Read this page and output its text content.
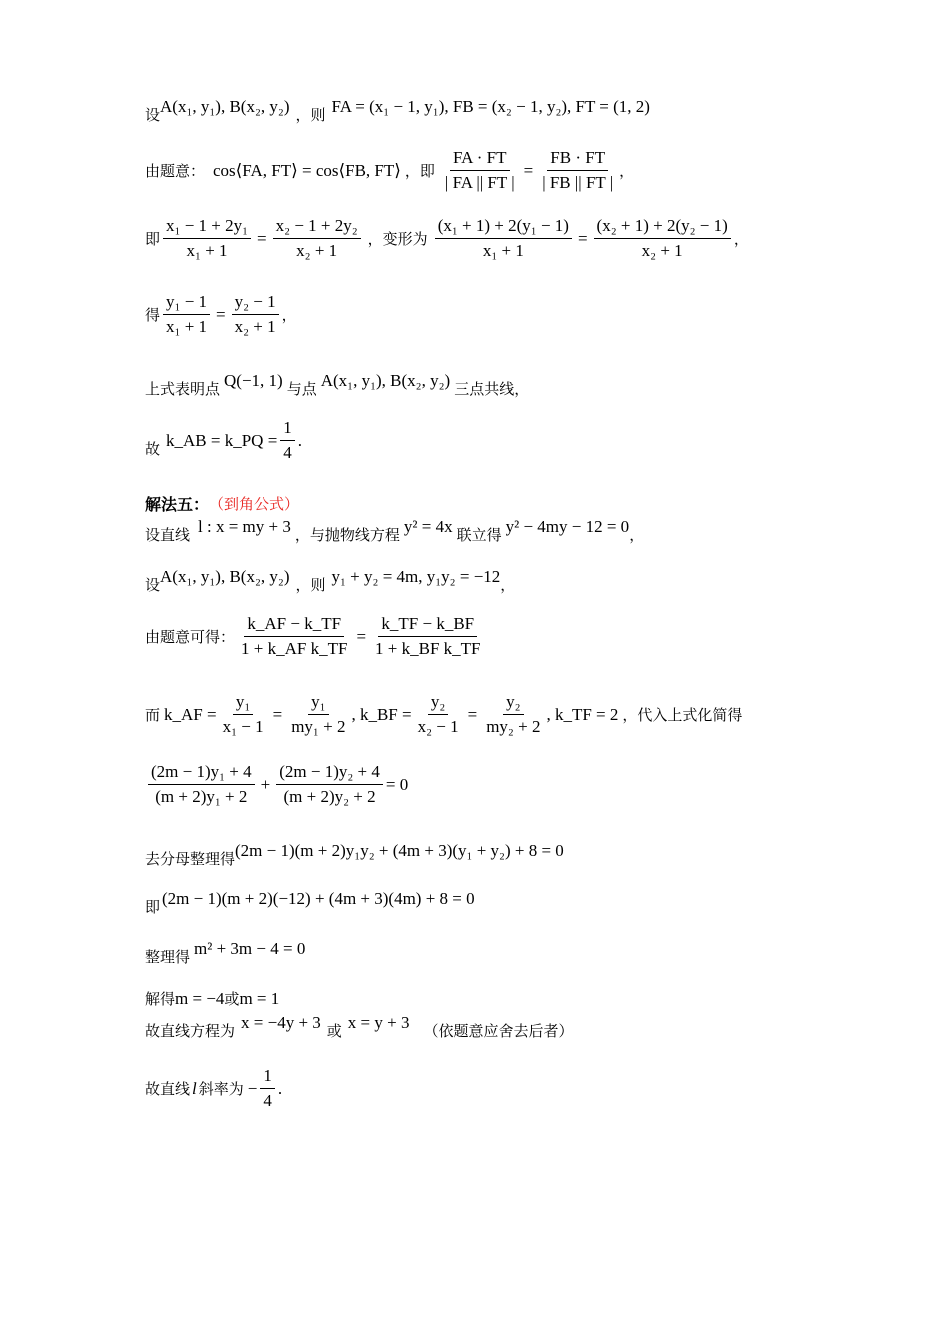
设 A(x₁, y₁), B(x₂, y₂) ，则 FA = (x₁ − 1, y₁), FB = (x₂ − 1, y₂), FT = (1, 2)
由题意： cos⟨FA, FT⟩ = cos⟨FB, FT⟩ ，即 $\frac{FA \cdot FT}{| FA || FT |} = \frac{FB \cdot FT}{| FB || FT |}$ ，
即 $\frac{\text{x₁ − 1 + 2y₁}}{\text{x₁ + 1}} = \frac{\text{x₂ − 1 + 2y₂}}{\text{x₂ + 1}}$ ，变形为 $\frac{\text{(x₁ + 1) + 2(y₁ − 1)}}{\text{x₁ + 1}} = \frac{\text{(x₂ + 1) + 2(y₂ − 1)}}{\text{x₂ + 1}}$ ，
得 $\frac{\text{y₁ − 1}}{\text{x₁ + 1}} = \frac{\text{y₂ − 1}}{\text{x₂ + 1}}$ ，
上式表明点 Q(−1, 1) 与点 A(x₁, y₁), B(x₂, y₂) 三点共线，
故 k_AB = k_PQ = $\frac{1}{4}$ .
解法五： （到角公式）
设直线 l : x = my + 3 ，与抛物线方程 y² = 4x 联立得 y² − 4my − 12 = 0 ，
设 A(x₁, y₁), B(x₂, y₂) ，则 y₁ + y₂ = 4m, y₁y₂ = −12 ，
由题意可得： $\frac{k\_AF - k\_TF}{\text{1 + k\_AF k\_TF}} = \frac{k\_TF - k\_BF}{\text{1 + k\_BF k\_TF}}$
而 k_AF = $\frac{\text{y₁}}{\text{x₁ − 1}} = \frac{\text{y₁}}{\text{my₁ + 2}}$ , k_BF = $\frac{\text{y₂}}{\text{x₂ − 1}} = \frac{\text{y₂}}{\text{my₂ + 2}}$ , k_TF = 2 ，代入上式化简得
$\frac{\text{(2m − 1)y₁ + 4}}{\text{(m + 2)y₁ + 2}} + \frac{\text{(2m − 1)y₂ + 4}}{\text{(m + 2)y₂ + 2}} = 0$
去分母整理得 (2m − 1)(m + 2)y₁y₂ + (4m + 3)(y₁ + y₂) + 8 = 0
即 (2m − 1)(m + 2)(−12) + (4m + 3)(4m) + 8 = 0
整理得 m² + 3m − 4 = 0
解得 m = −4 或 m = 1
故直线方程为 x = −4y + 3 或 x = y + 3 （依题意应舍去后者）
故直线 l 斜率为 − $\frac{1}{4}$ .
